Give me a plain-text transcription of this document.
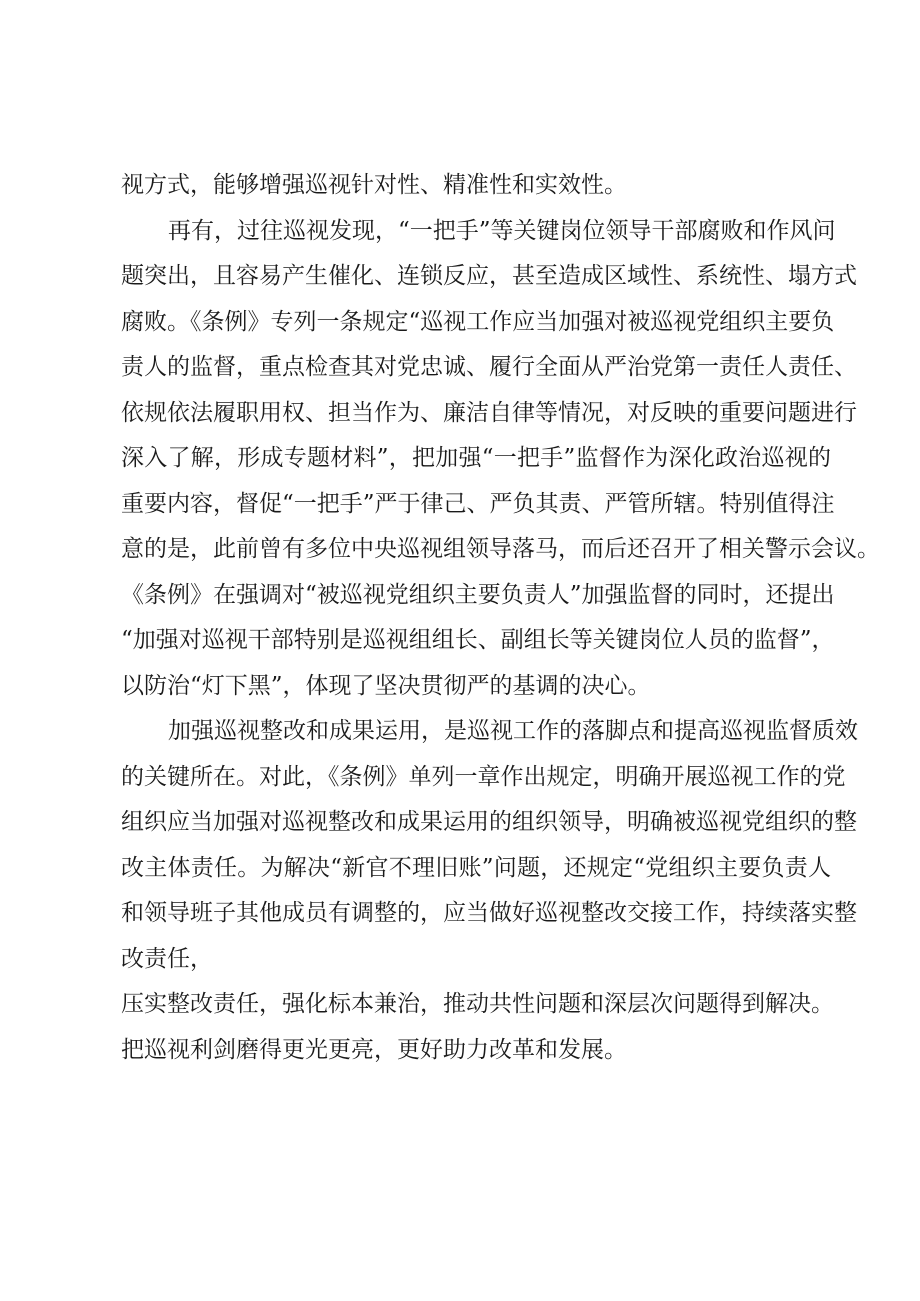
视方式，能够增强巡视针对性、精准性和实效性。
再有，过往巡视发现，“一把手”等关键岗位领导干部腐败和作风问
题突出，且容易产生催化、连锁反应，甚至造成区域性、系统性、塌方式
腐败。《条例》专列一条规定“巡视工作应当加强对被巡视党组织主要负
责人的监督，重点检查其对党忠诚、履行全面从严治党第一责任人责任、
依规依法履职用权、担当作为、廉洁自律等情况，对反映的重要问题进行
深入了解，形成专题材料”，把加强“一把手”监督作为深化政治巡视的
重要内容，督促“一把手”严于律己、严负其责、严管所辖。特别值得注
意的是，此前曾有多位中央巡视组领导落马，而后还召开了相关警示会议。
《条例》在强调对“被巡视党组织主要负责人”加强监督的同时，还提出
“加强对巡视干部特别是巡视组组长、副组长等关键岗位人员的监督”，
以防治“灯下黑”，体现了坚决贯彻严的基调的决心。
加强巡视整改和成果运用，是巡视工作的落脚点和提高巡视监督质效
的关键所在。对此，《条例》单列一章作出规定，明确开展巡视工作的党
组织应当加强对巡视整改和成果运用的组织领导，明确被巡视党组织的整
改主体责任。为解决“新官不理旧账”问题，还规定“党组织主要负责人
和领导班子其他成员有调整的，应当做好巡视整改交接工作，持续落实整
改责任，
压实整改责任，强化标本兼治，推动共性问题和深层次问题得到解决。
把巡视利剑磨得更光更亮，更好助力改革和发展。
